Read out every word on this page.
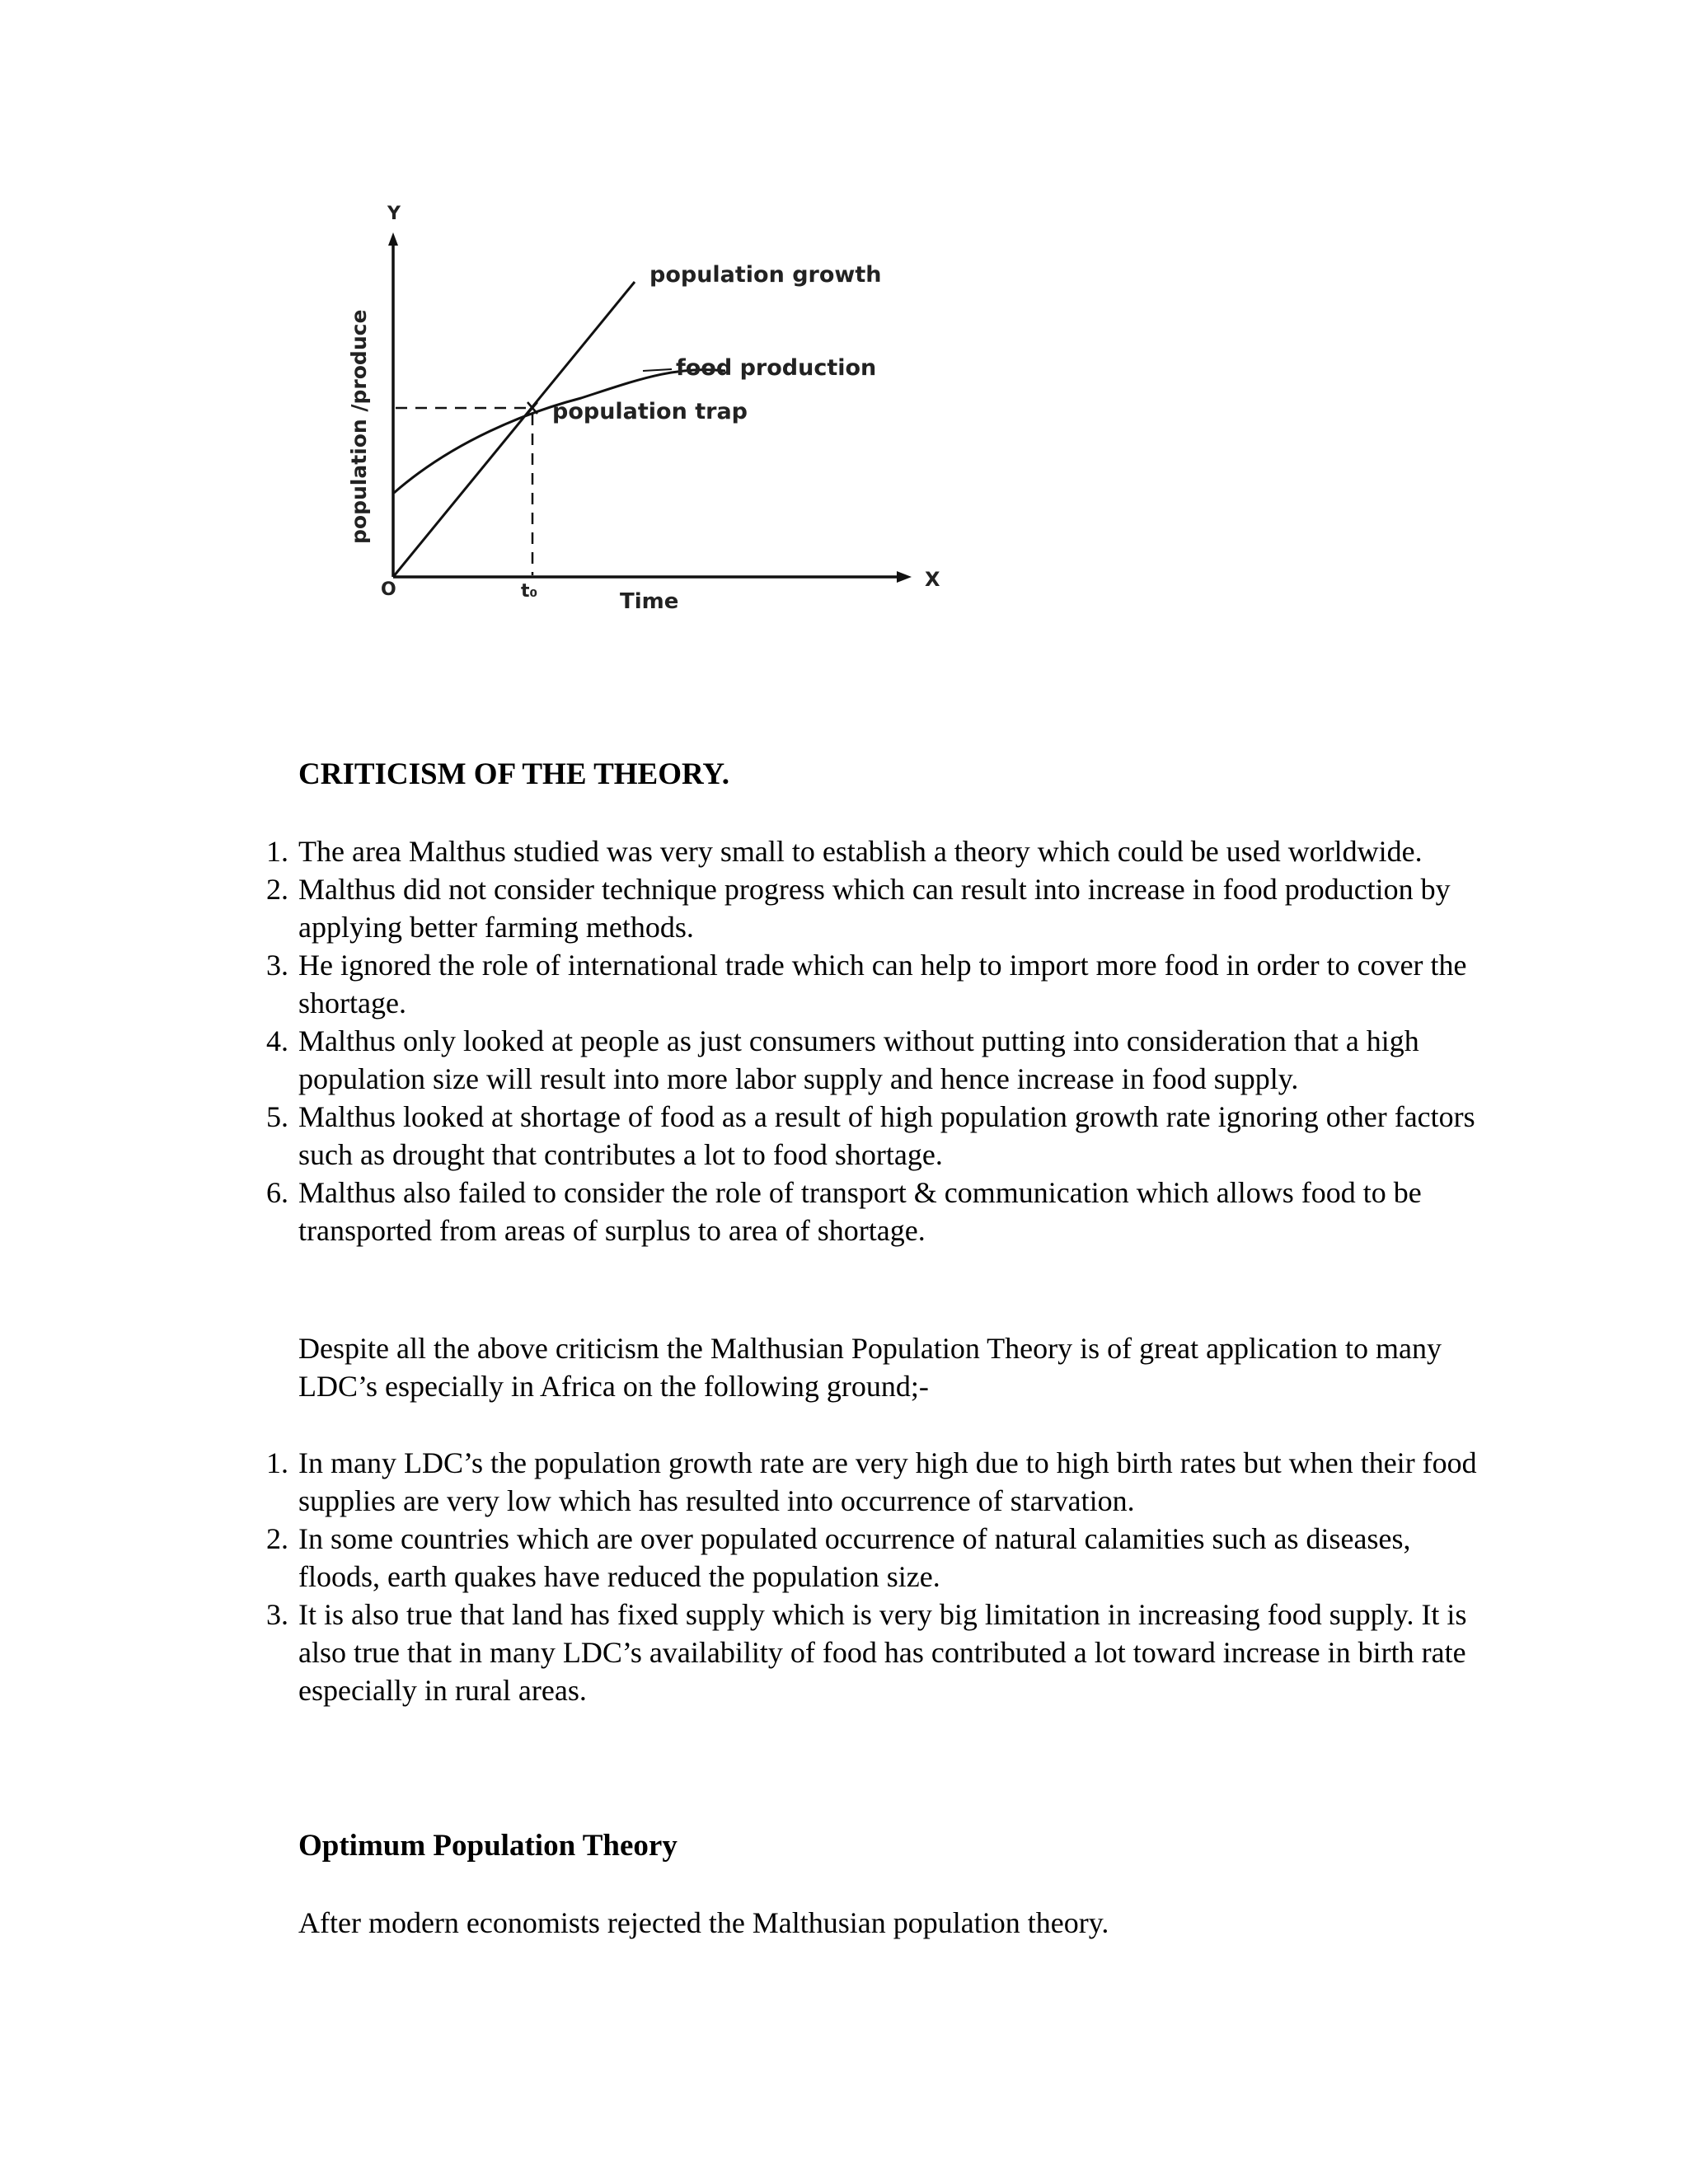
Y
X
O	t₀	Time
population /produce
population growth
food production
population trap
CRITICISM OF THE THEORY.
1. The area Malthus studied was very small to establish a theory which could be used worldwide.
2. Malthus did not consider technique progress which can result into increase in food production by applying better farming methods.
3. He ignored the role of international trade which can help to import more food in order to cover the shortage.
4. Malthus only looked at people as just consumers without putting into consideration that a high population size will result into more labor supply and hence increase in food supply.
5. Malthus looked at shortage of food as a result of high population growth rate ignoring other factors such as drought that contributes a lot to food shortage.
6. Malthus also failed to consider the role of transport & communication which allows food to be transported from areas of surplus to area of shortage.

Despite all the above criticism the Malthusian Population Theory is of great application to many LDC’s especially in Africa on the following ground;-

1. In many LDC’s the population growth rate are very high due to high birth rates but when their food supplies are very low which has resulted into occurrence of starvation.
2. In some countries which are over populated occurrence of natural calamities such as diseases, floods, earth quakes have reduced the population size.
3. It is also true that land has fixed supply which is very big limitation in increasing food supply. It is also true that in many LDC’s availability of food has contributed a lot toward increase in birth rate especially in rural areas.
Optimum Population Theory

After modern economists rejected the Malthusian population theory.
